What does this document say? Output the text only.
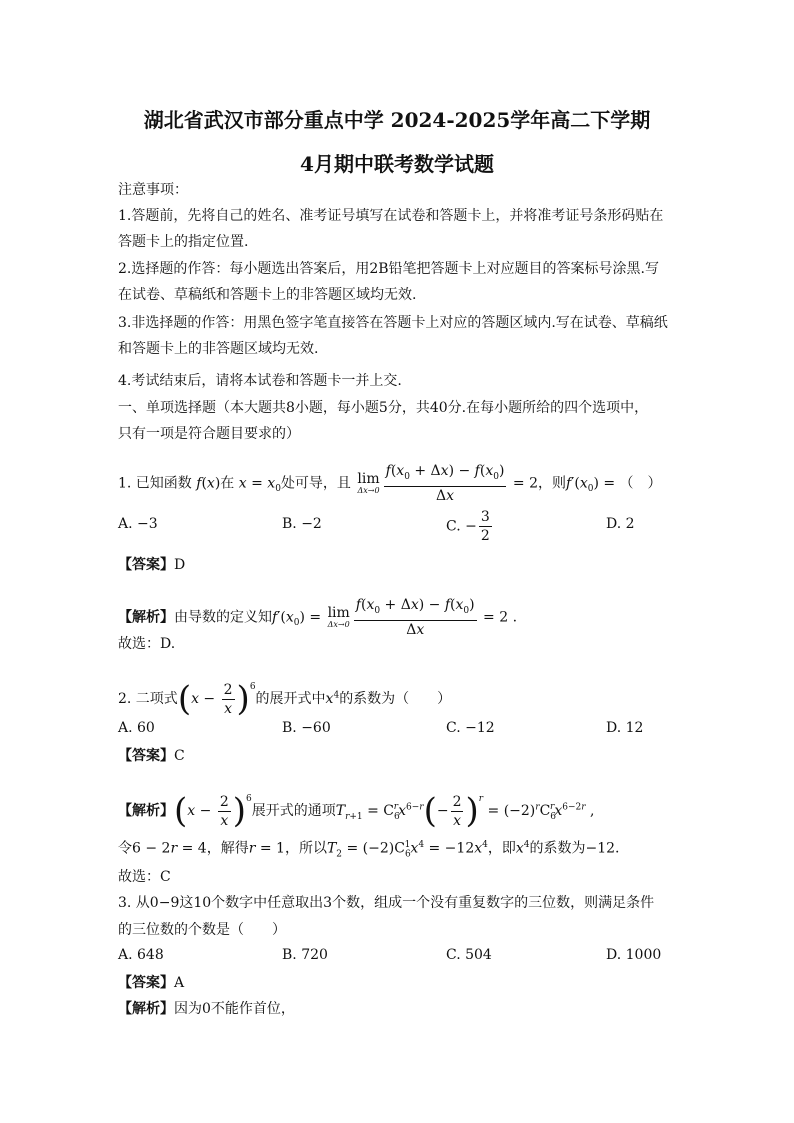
湖北省武汉市部分重点中学 2024-2025学年高二下学期
4月期中联考数学试题
注意事项：
1.答题前，先将自己的姓名、准考证号填写在试卷和答题卡上，并将准考证号条形码贴在
答题卡上的指定位置.
2.选择题的作答：每小题选出答案后，用2B铅笔把答题卡上对应题目的答案标号涂黑.写
在试卷、草稿纸和答题卡上的非答题区域均无效.
3.非选择题的作答：用黑色签字笔直接答在答题卡上对应的答题区域内.写在试卷、草稿纸
和答题卡上的非答题区域均无效.
4.考试结束后，请将本试卷和答题卡一并上交.
一、单项选择题（本大题共8小题，每小题5分，共40分.在每小题所给的四个选项中，
只有一项是符合题目要求的）
1. 已知函数 f(x)在 $x = x_0$处可导，且 lim
$\Delta x\to 0 \frac{f(x_0 + \Delta x) - f(x_0)}{\Delta x} = 2$，则$f'(x_0)$ = （　）
A. −3	B. −2	C. − $\frac{3}{2}$	D. 2
【答案】D
【解析】由导数的定义知$f'(x_0) = \lim$
$\Delta x\to 0 \frac{f(x_0 + \Delta x) - f(x_0)}{\Delta x} = 2$ .
故选：D.
2. 二项式$(x - \frac{2}{x} )^6$的展开式中$x^4$的系数为（　　）
A. 60	B. −60	C. −12	D. 12
【答案】C
【解析】$(x - \frac{2}{x} )^6$展开式的通项$T_{r+1} = C_6^rx^{6-r}(- \frac{2}{x} )^r = (-2)^rC_6^rx^{6-2r}$ ,
令6 − 2r = 4，解得r = 1，所以$T_2 = (-2)C_6^1x^4 = -12x^4$，即$x^4$的系数为−12.
故选：C
3. 从0−9这10个数字中任意取出3个数，组成一个没有重复数字的三位数，则满足条件
的三位数的个数是（　　）
A. 648	B. 720	C. 504	D. 1000
【答案】A
【解析】因为0不能作首位，
